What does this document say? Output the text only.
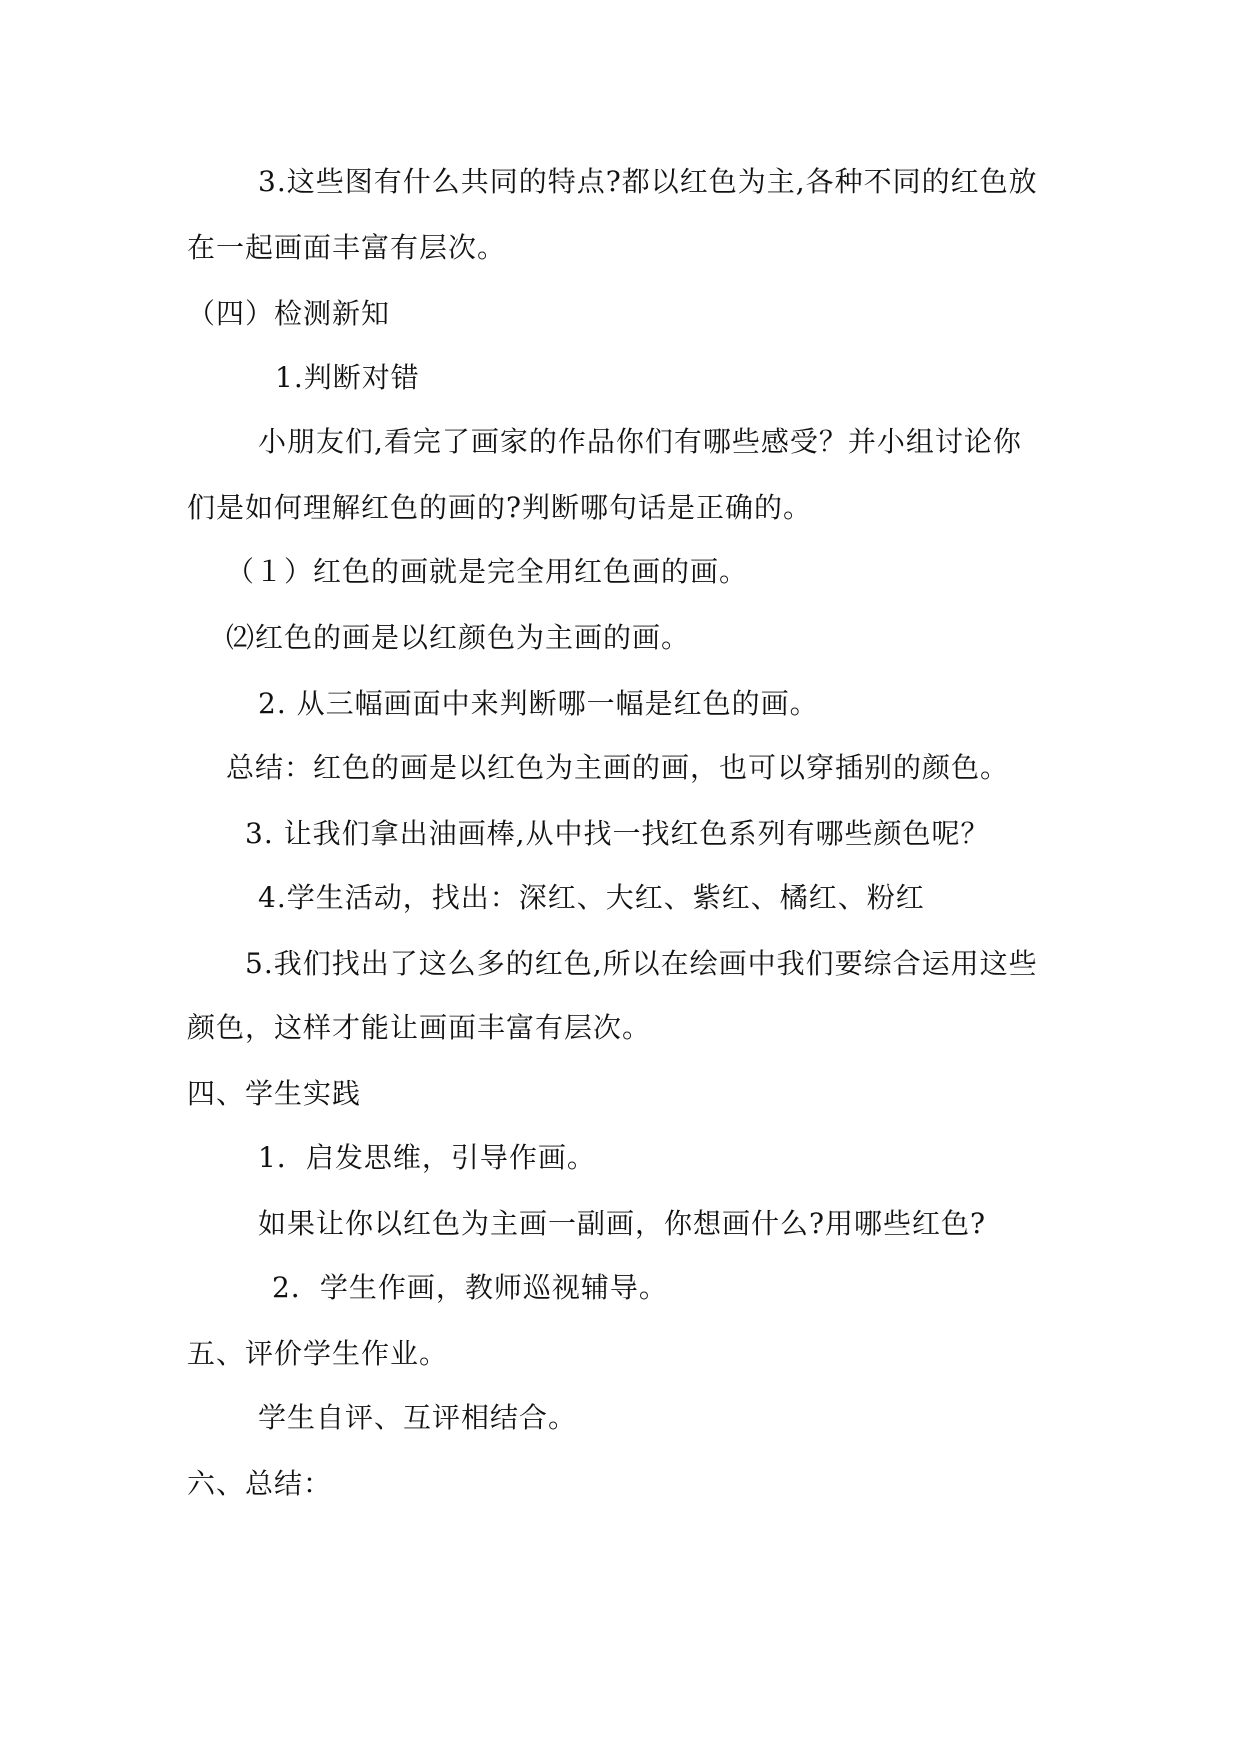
3.这些图有什么共同的特点?都以红色为主,各种不同的红色放
在一起画面丰富有层次。
（四）检测新知
1.判断对错
小朋友们,看完了画家的作品你们有哪些感受？并小组讨论你
们是如何理解红色的画的?判断哪句话是正确的。
（１）红色的画就是完全用红色画的画。
⑵红色的画是以红颜色为主画的画。
2. 从三幅画面中来判断哪一幅是红色的画。
总结：红色的画是以红色为主画的画，也可以穿插别的颜色。
3. 让我们拿出油画棒,从中找一找红色系列有哪些颜色呢？
4.学生活动，找出：深红、大红、紫红、橘红、粉红
5.我们找出了这么多的红色,所以在绘画中我们要综合运用这些
颜色，这样才能让画面丰富有层次。
四、学生实践
1．启发思维，引导作画。
如果让你以红色为主画一副画，你想画什么?用哪些红色?
2．学生作画，教师巡视辅导。
五、评价学生作业。
学生自评、互评相结合。
六、总结：
